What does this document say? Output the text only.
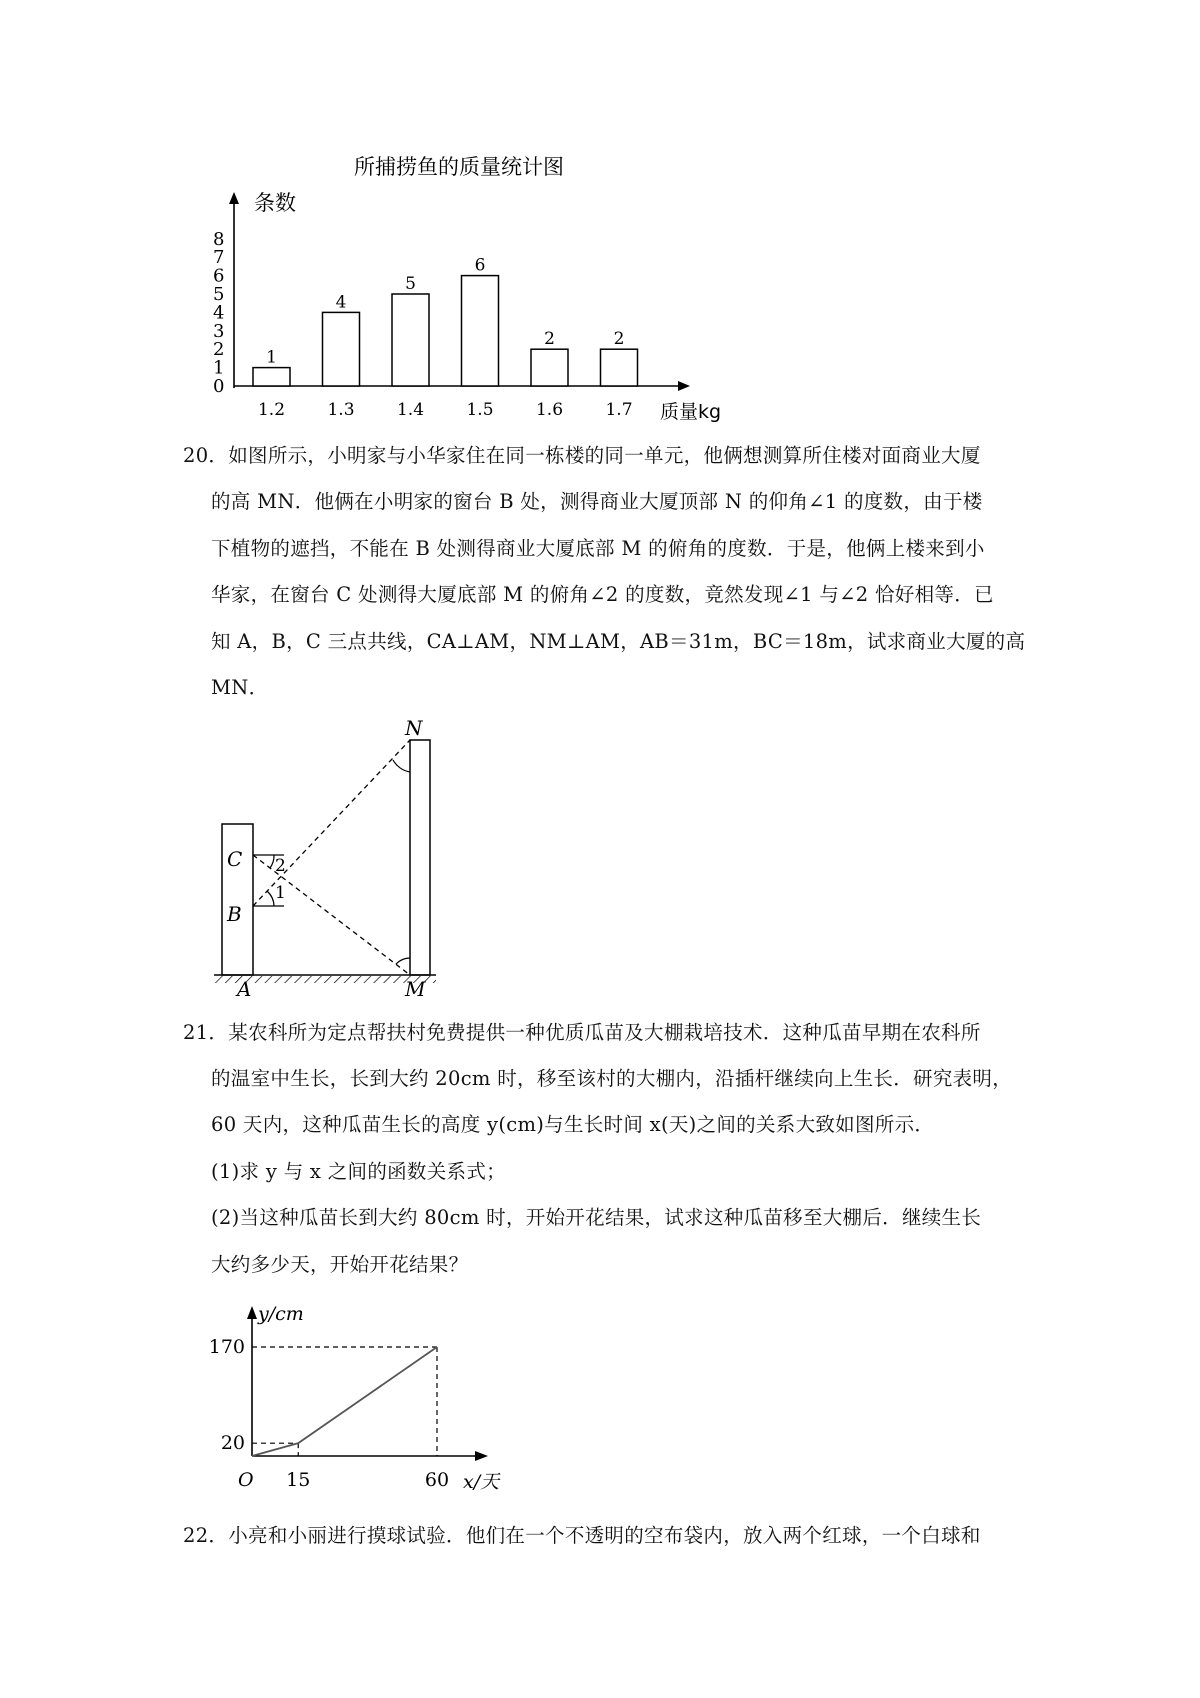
所捕捞鱼的质量统计图
条数
质量kg
0
1
2
3
4
5
6
7
8
1
1.2
4
1.3
5
1.4
6
1.5
2
1.6
2
1.7
20．如图所示，小明家与小华家住在同一栋楼的同一单元，他俩想测算所住楼对面商业大厦
的高 MN．他俩在小明家的窗台 B 处，测得商业大厦顶部 N 的仰角∠1 的度数，由于楼
下植物的遮挡，不能在 B 处测得商业大厦底部 M 的俯角的度数．于是，他俩上楼来到小
华家，在窗台 C 处测得大厦底部 M 的俯角∠2 的度数，竟然发现∠1 与∠2 恰好相等．已
知 A，B，C 三点共线，CA⊥AM，NM⊥AM，AB＝31m，BC＝18m，试求商业大厦的高
MN．
N
C
B
A	M
2
1
21．某农科所为定点帮扶村免费提供一种优质瓜苗及大棚栽培技术．这种瓜苗早期在农科所
的温室中生长，长到大约 20cm 时，移至该村的大棚内，沿插杆继续向上生长．研究表明，
60 天内，这种瓜苗生长的高度 y(cm)与生长时间 x(天)之间的关系大致如图所示．
(1)求 y 与 x 之间的函数关系式；
(2)当这种瓜苗长到大约 80cm 时，开始开花结果，试求这种瓜苗移至大棚后．继续生长
大约多少天，开始开花结果？
20
170
15	60
y/cm
x/天
O
22．小亮和小丽进行摸球试验．他们在一个不透明的空布袋内，放入两个红球，一个白球和
